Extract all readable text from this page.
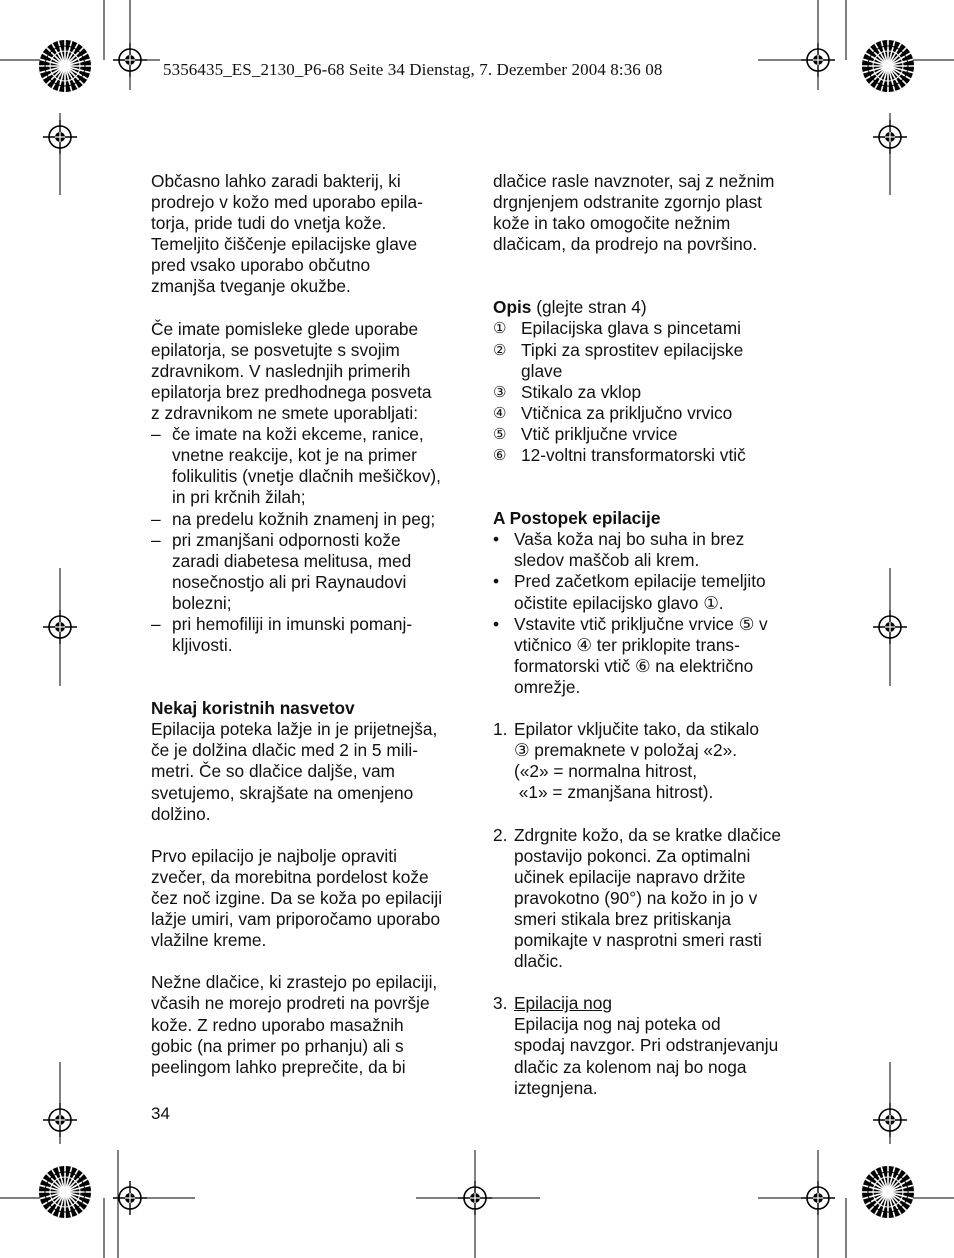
5356435_ES_2130_P6-68 Seite 34 Dienstag, 7. Dezember 2004 8:36 08

Občasno lahko zaradi bakterij, ki
prodrejo v kožo med uporabo epila-
torja, pride tudi do vnetja kože.
Temeljito čiščenje epilacijske glave
pred vsako uporabo občutno
zmanjša tveganje okužbe.

Če imate pomisleke glede uporabe
epilatorja, se posvetujte s svojim
zdravnikom. V naslednjih primerih
epilatorja brez predhodnega posveta
z zdravnikom ne smete uporabljati:

– če imate na koži ekceme, ranice,
vnetne reakcije, kot je na primer
folikulitis (vnetje dlačnih mešičkov),
in pri krčnih žilah;
– na predelu kožnih znamenj in peg;
– pri zmanjšani odpornosti kože
zaradi diabetesa melitusa, med
nosečnostjo ali pri Raynaudovi
bolezni;
– pri hemofiliji in imunski pomanj-
kljivosti.

Nekaj koristnih nasvetov

Epilacija poteka lažje in je prijetnejša,
če je dolžina dlačic med 2 in 5 mili-
metri. Če so dlačice daljše, vam
svetujemo, skrajšate na omenjeno
dolžino.

Prvo epilacijo je najbolje opraviti
zvečer, da morebitna pordelost kože
čez noč izgine. Da se koža po epilaciji
lažje umiri, vam priporočamo uporabo
vlažilne kreme.

Nežne dlačice, ki zrastejo po epilaciji,
včasih ne morejo prodreti na površje
kože. Z redno uporabo masažnih
gobic (na primer po prhanju) ali s
peelingom lahko preprečite, da bi

dlačice rasle navznoter, saj z nežnim
drgnjenjem odstranite zgornjo plast
kože in tako omogočite nežnim
dlačicam, da prodrejo na površino.

Opis (glejte stran 4)

① Epilacijska glava s pincetami
② Tipki za sprostitev epilacijske
glave
③ Stikalo za vklop
④ Vtičnica za priključno vrvico
⑤ Vtič priključne vrvice
⑥ 12-voltni transformatorski vtič

A Postopek epilacije

• Vaša koža naj bo suha in brez
sledov maščob ali krem.
• Pred začetkom epilacije temeljito
očistite epilacijsko glavo ①.
• Vstavite vtič priključne vrvice ⑤ v
vtičnico ④ ter priklopite trans-
formatorski vtič ⑥ na električno
omrežje.
1. Epilator vključite tako, da stikalo
③ premaknete v položaj «2».
(«2» = normalna hitrost,
«1» = zmanjšana hitrost).
2. Zdrgnite kožo, da se kratke dlačice
postavijo pokonci. Za optimalni
učinek epilacije napravo držite
pravokotno (90°) na kožo in jo v
smeri stikala brez pritiskanja
pomikajte v nasprotni smeri rasti
dlačic.
3. Epilacija nog
Epilacija nog naj poteka od
spodaj navzgor. Pri odstranjevanju
dlačic za kolenom naj bo noga
iztegnjena.
34
